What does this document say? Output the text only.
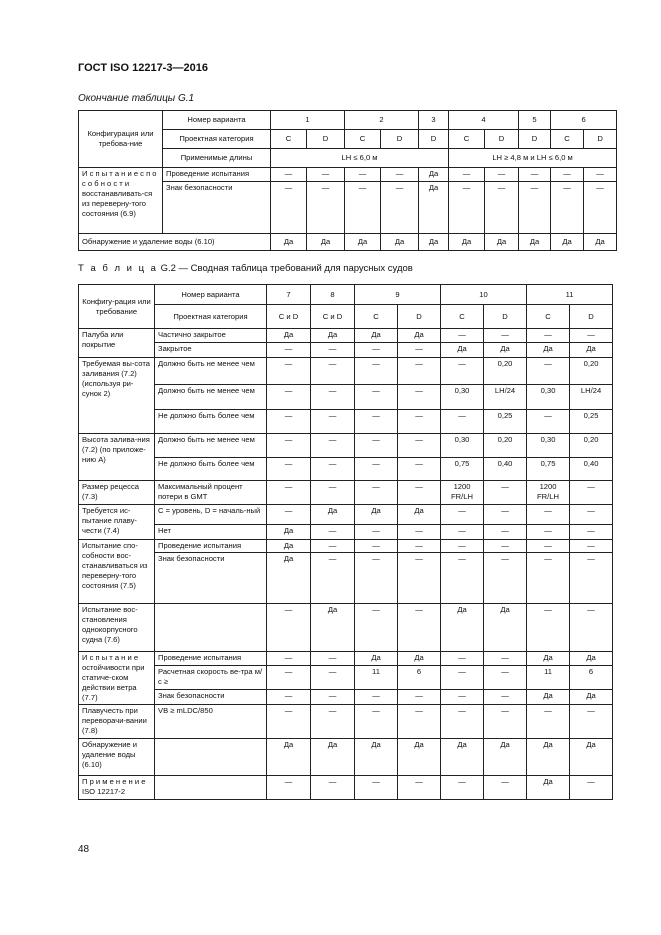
ГОСТ ISO 12217-3—2016
Окончание таблицы G.1
Конфигурация или требова-ние	Номер варианта	1		2		3	4		5	6	
	Проектная категория	C	D	C	D	D	C	D	D	C	D
	Применимые длины	LH ≤ 6,0 м					LH ≥ 4,8 м и LH ≤ 6,0 м				
И с п ы т а н и е с п о с о б н о с т и восстанавливать-ся из переверну-того состояния (6.9)	Проведение испытания	—	—	—	—	Да	—	—	—	—	—
	Знак безопасности	—	—	—	—	Да	—	—	—	—	—
Обнаружение и удаление воды (6.10)		Да	Да	Да	Да	Да	Да	Да	Да	Да	Да
Т а б л и ц а G.2 — Сводная таблица требований для парусных судов
Конфигу-рация или требование	Номер варианта	7	8	9		10		11	
	Проектная категория	C и D	C и D	C	D	C	D	C	D
Палуба или покрытие	Частично закрытое	Да	Да	Да	Да	—	—	—	—
	Закрытое	—	—	—	—	Да	Да	Да	Да
Требуемая вы-сота заливания (7.2) (используя ри-сунок 2)	Должно быть не менее чем	—	—	—	—	—	0,20	—	0,20
	Должно быть не менее чем	—	—	—	—	0,30	LH/24	0,30	LH/24
	Не должно быть более чем	—	—	—	—	—	0,25	—	0,25
Высота залива-ния (7.2) (по приложе-нию A)	Должно быть не менее чем	—	—	—	—	0,30	0,20	0,30	0,20
	Не должно быть более чем	—	—	—	—	0,75	0,40	0,75	0,40
Размер рецесса (7.3)	Максимальный процент потери в GMT	—	—	—	—	1200 FR/LH	—	1200 FR/LH	—
Требуется ис-пытание плаву-чести (7.4)	C = уровень, D = началь-ный	—	Да	Да	Да	—	—	—	—
	Нет	Да	—	—	—	—	—	—	—
Испытание спо-собности вос-станавливаться из переверну-того состояния (7.5)	Проведение испытания	Да	—	—	—	—	—	—	—
	Знак безопасности	Да	—	—	—	—	—	—	—
Испытание вос-становления однокорпусного судна (7.6)		—	Да	—	—	Да	Да	—	—
И с п ы т а н и е остойчивости при статиче-ском действии ветра (7.7)	Проведение испытания	—	—	Да	Да	—	—	Да	Да
	Расчетная скорость ве-тра м/с ≥	—	—	11	6	—	—	11	6
	Знак безопасности	—	—	—	—	—	—	Да	Да
Плавучесть при переворачи-вании (7.8)	VB ≥ mLDC/850	—	—	—	—	—	—	—	—
Обнаружение и удаление воды (6.10)		Да	Да	Да	Да	Да	Да	Да	Да
П р и м е н е н и е ISO 12217-2		—	—	—	—	—	—	Да	—
48
